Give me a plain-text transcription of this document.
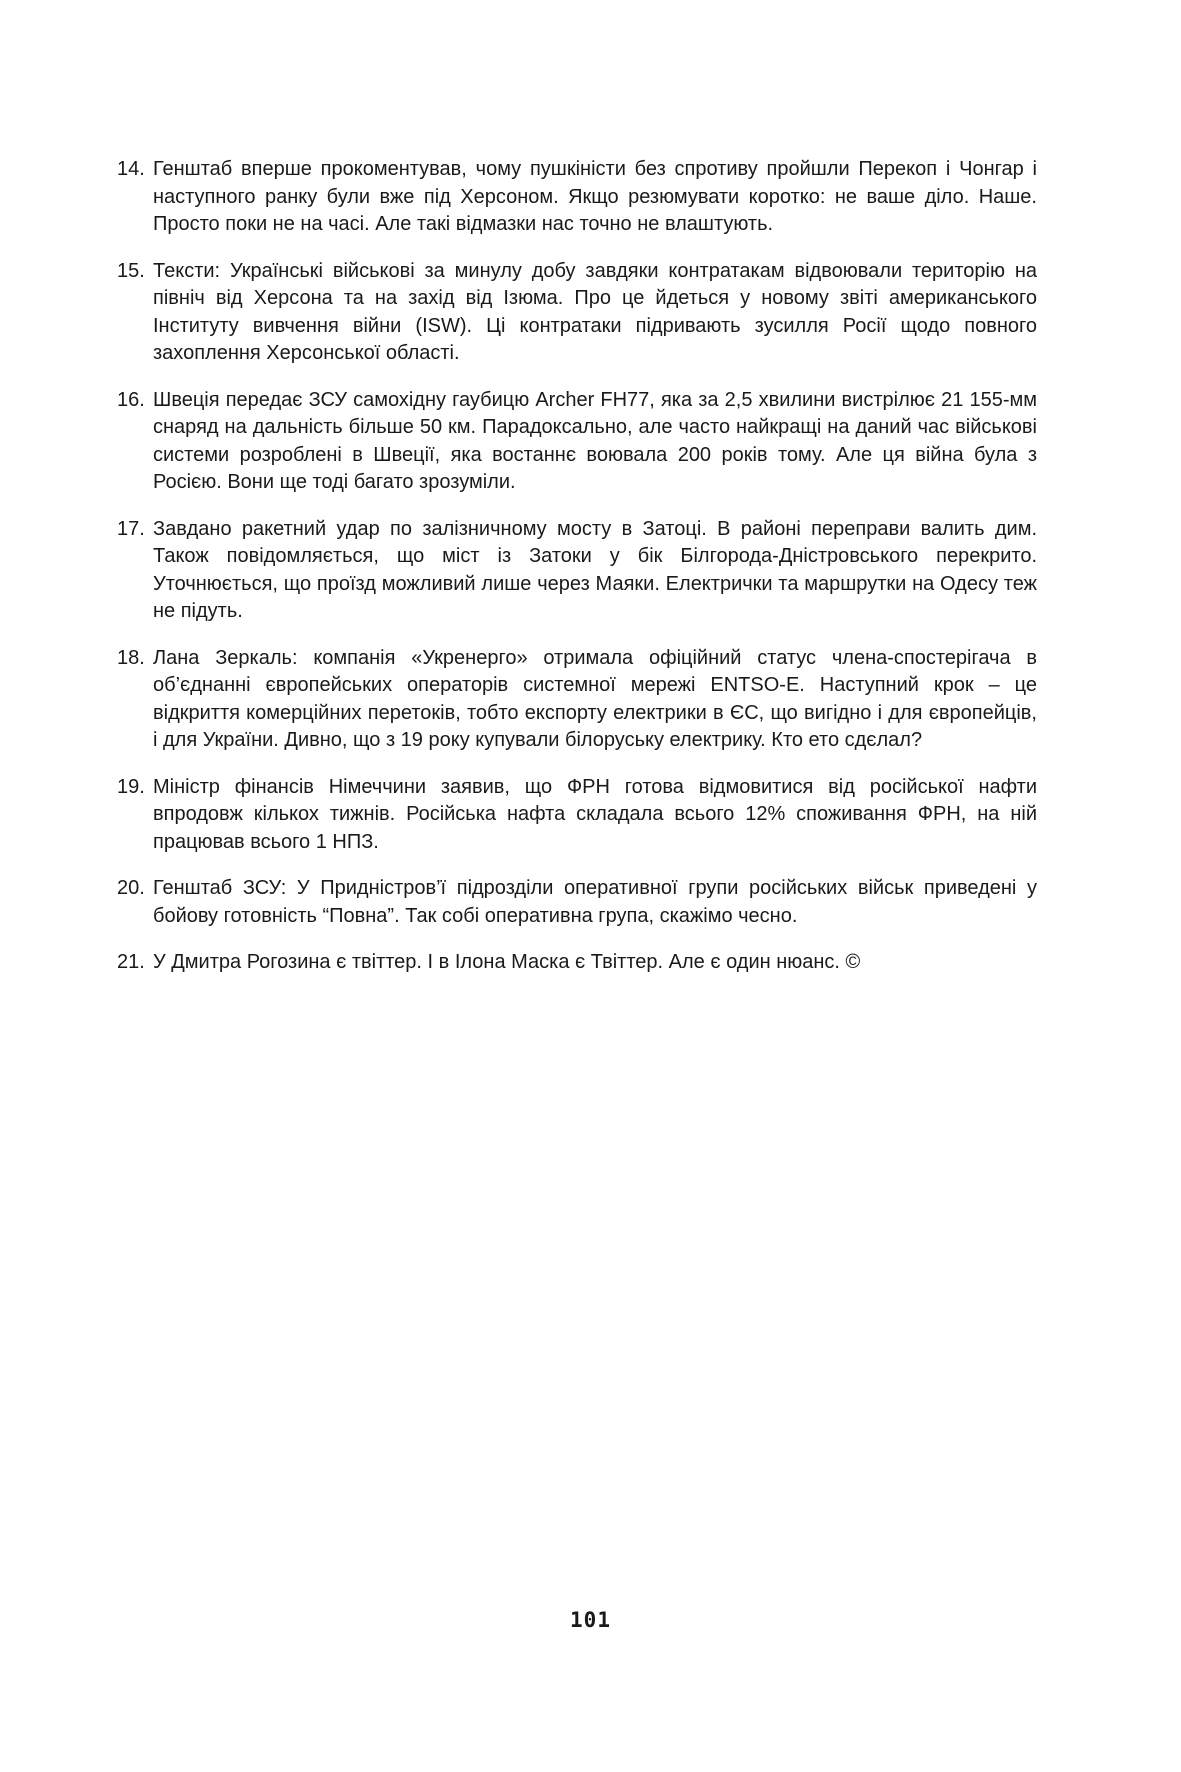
14. Генштаб вперше прокоментував, чому пушкіністи без спротиву пройшли Перекоп і Чонгар і наступного ранку були вже під Херсоном. Якщо резюмувати коротко: не ваше діло. Наше. Просто поки не на часі. Але такі відмазки нас точно не влаштують.
15. Тексти: Українські військові за минулу добу завдяки контратакам відвоювали територію на північ від Херсона та на захід від Ізюма. Про це йдеться у новому звіті американського Інституту вивчення війни (ISW). Ці контратаки підривають зусилля Росії щодо повного захоплення Херсонської області.
16. Швеція передає ЗСУ самохідну гаубицю Archer FH77, яка за 2,5 хвилини вистрілює 21 155-мм снаряд на дальність більше 50 км. Парадоксально, але часто найкращі на даний час військові системи розроблені в Швеції, яка востаннє воювала 200 років тому. Але ця війна була з Росією. Вони ще тоді багато зрозуміли.
17. Завдано ракетний удар по залізничному мосту в Затоці. В районі переправи валить дим. Також повідомляється, що міст із Затоки у бік Білгорода-Дністровського перекрито. Уточнюється, що проїзд можливий лише через Маяки. Електрички та маршрутки на Одесу теж не підуть.
18. Лана Зеркаль: компанія «Укренерго» отримала офіційний статус члена-спостерігача в об’єднанні європейських операторів системної мережі ENTSO-E. Наступний крок – це відкриття комерційних перетоків, тобто експорту електрики в ЄС, що вигідно і для європейців, і для України. Дивно, що з 19 року купували білоруську електрику. Кто ето сдєлал?
19. Міністр фінансів Німеччини заявив, що ФРН готова відмовитися від російської нафти впродовж кількох тижнів. Російська нафта складала всього 12% споживання ФРН, на ній працював всього 1 НПЗ.
20. Генштаб ЗСУ: У Придністров’ї підрозділи оперативної групи російських військ приведені у бойову готовність “Повна”. Так собі оперативна група, скажімо чесно.
21. У Дмитра Рогозина є твіттер. І в Ілона Маска є Твіттер. Але є один нюанс. ©
101
